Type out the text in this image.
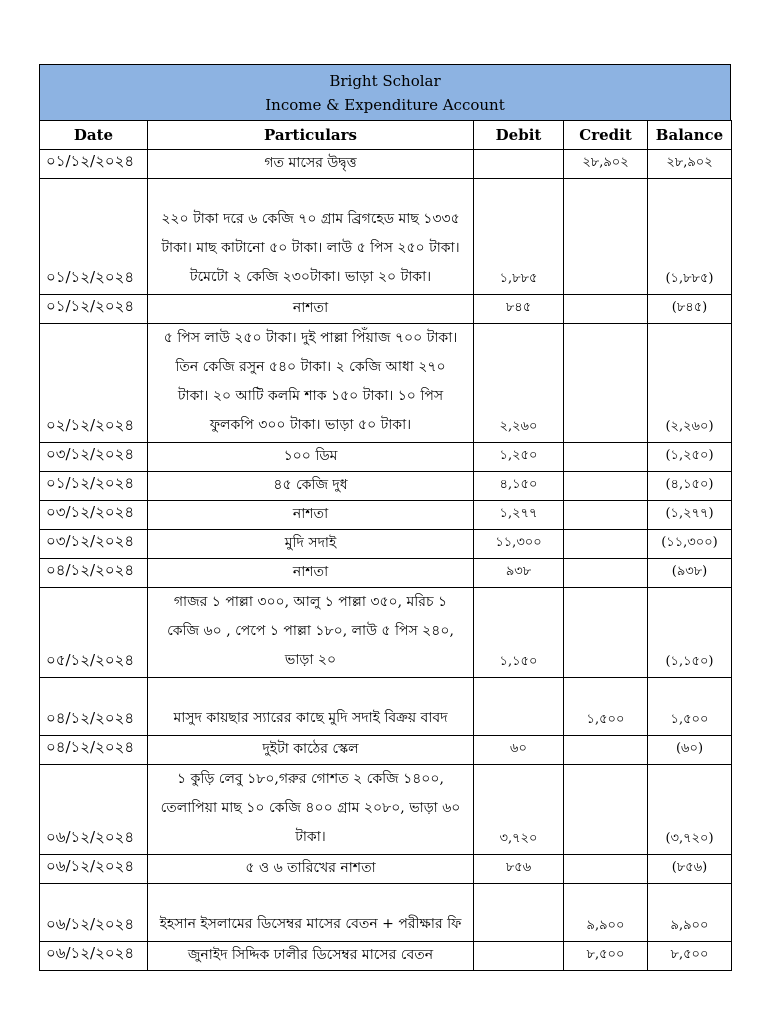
Bright Scholar
Income & Expenditure Account
Date	Particulars	Debit	Credit	Balance
০১/১২/২০২৪	গত মাসের উদ্বৃত্ত		২৮,৯০২	২৮,৯০২
০১/১২/২০২৪	২২০ টাকা দরে ৬ কেজি ৭০ গ্রাম ব্রিগহেড মাছ ১৩৩৫ টাকা। মাছ কাটানো ৫০ টাকা। লাউ ৫ পিস ২৫০ টাকা। টমেটো ২ কেজি ২৩০টাকা। ভাড়া ২০ টাকা।	১,৮৮৫		(১,৮৮৫)
০১/১২/২০২৪	নাশতা	৮৪৫		(৮৪৫)
০২/১২/২০২৪	৫ পিস লাউ ২৫০ টাকা। দুই পাল্লা পিঁয়াজ ৭০০ টাকা। তিন কেজি রসুন ৫৪০ টাকা। ২ কেজি আধা ২৭০ টাকা। ২০ আটি কলমি শাক ১৫০ টাকা। ১০ পিস ফুলকপি ৩০০ টাকা। ভাড়া ৫০ টাকা।	২,২৬০		(২,২৬০)
০৩/১২/২০২৪	১০০ ডিম	১,২৫০		(১,২৫০)
০১/১২/২০২৪	৪৫ কেজি দুধ	৪,১৫০		(৪,১৫০)
০৩/১২/২০২৪	নাশতা	১,২৭৭		(১,২৭৭)
০৩/১২/২০২৪	মুদি সদাই	১১,৩০০		(১১,৩০০)
০৪/১২/২০২৪	নাশতা	৯৩৮		(৯৩৮)
০৫/১২/২০২৪	গাজর ১ পাল্লা ৩০০, আলু ১ পাল্লা ৩৫০, মরিচ ১ কেজি ৬০ , পেপে ১ পাল্লা ১৮০, লাউ ৫ পিস ২৪০, ভাড়া ২০	১,১৫০		(১,১৫০)
০৪/১২/২০২৪	মাসুদ কায়ছার স্যারের কাছে মুদি সদাই বিক্রয় বাবদ		১,৫০০	১,৫০০
০৪/১২/২০২৪	দুইটা কাঠের স্কেল	৬০		(৬০)
০৬/১২/২০২৪	১ কুড়ি লেবু ১৮০,গরুর গোশত ২ কেজি ১৪০০, তেলাপিয়া মাছ ১০ কেজি ৪০০ গ্রাম ২০৮০, ভাড়া ৬০ টাকা।	৩,৭২০		(৩,৭২০)
০৬/১২/২০২৪	৫ ও ৬ তারিখের নাশতা	৮৫৬		(৮৫৬)
০৬/১২/২০২৪	ইহসান ইসলামের ডিসেম্বর মাসের বেতন + পরীক্ষার ফি		৯,৯০০	৯,৯০০
০৬/১২/২০২৪	জুনাইদ সিদ্দিক ঢালীর ডিসেম্বর মাসের বেতন		৮,৫০০	৮,৫০০
